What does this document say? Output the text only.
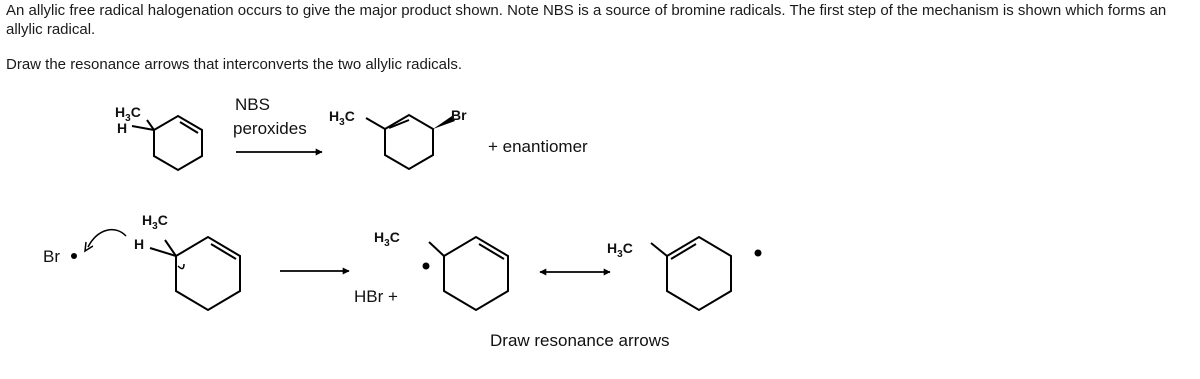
An allylic free radical halogenation occurs to give the major product shown. Note NBS is a source of bromine radicals. The first step of the mechanism is shown which forms an allylic radical.

Draw the resonance arrows that interconverts the two allylic radicals.

$H_3C$
H
NBS
peroxides
$H_3C$	Br
+ enantiomer
Br
$H_3C$
H	$H_3C$
HBr +
$H_3C$
Draw resonance arrows
